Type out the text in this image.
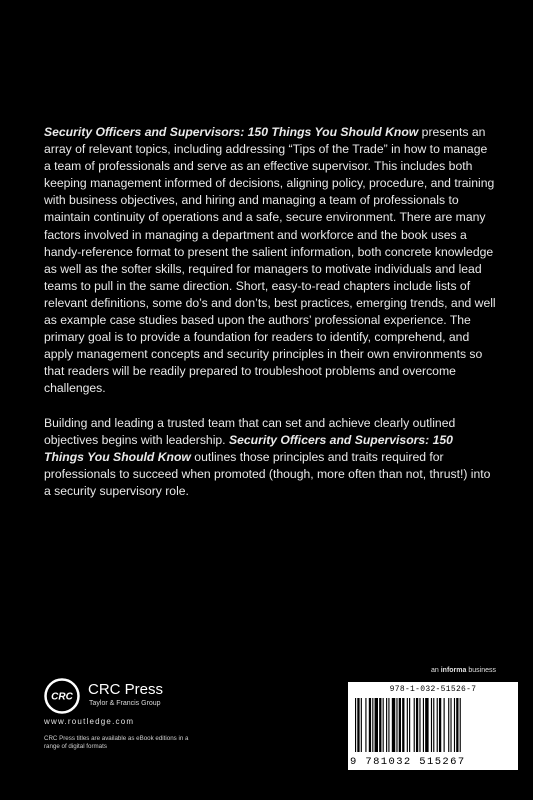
Security Officers and Supervisors: 150 Things You Should Know presents an array of relevant topics, including addressing “Tips of the Trade” in how to manage a team of professionals and serve as an effective supervisor. This includes both keeping management informed of decisions, aligning policy, procedure, and training with business objectives, and hiring and managing a team of professionals to maintain continuity of operations and a safe, secure environment. There are many factors involved in managing a department and workforce and the book uses a handy-reference format to present the salient information, both concrete knowledge as well as the softer skills, required for managers to motivate individuals and lead teams to pull in the same direction. Short, easy-to-read chapters include lists of relevant definitions, some do’s and don’ts, best practices, emerging trends, and well as example case studies based upon the authors’ professional experience. The primary goal is to provide a foundation for readers to identify, comprehend, and apply management concepts and security principles in their own environments so that readers will be readily prepared to troubleshoot problems and overcome challenges.

Building and leading a trusted team that can set and achieve clearly outlined objectives begins with leadership. Security Officers and Supervisors: 150 Things You Should Know outlines those principles and traits required for professionals to succeed when promoted (though, more often than not, thrust!) into a security supervisory role.

an informa business
978-1-032-51526-7
9 781032 515267
CRC CRC Press
Taylor & Francis Group
www.routledge.com
CRC Press titles are available as eBook editions in a range of digital formats
